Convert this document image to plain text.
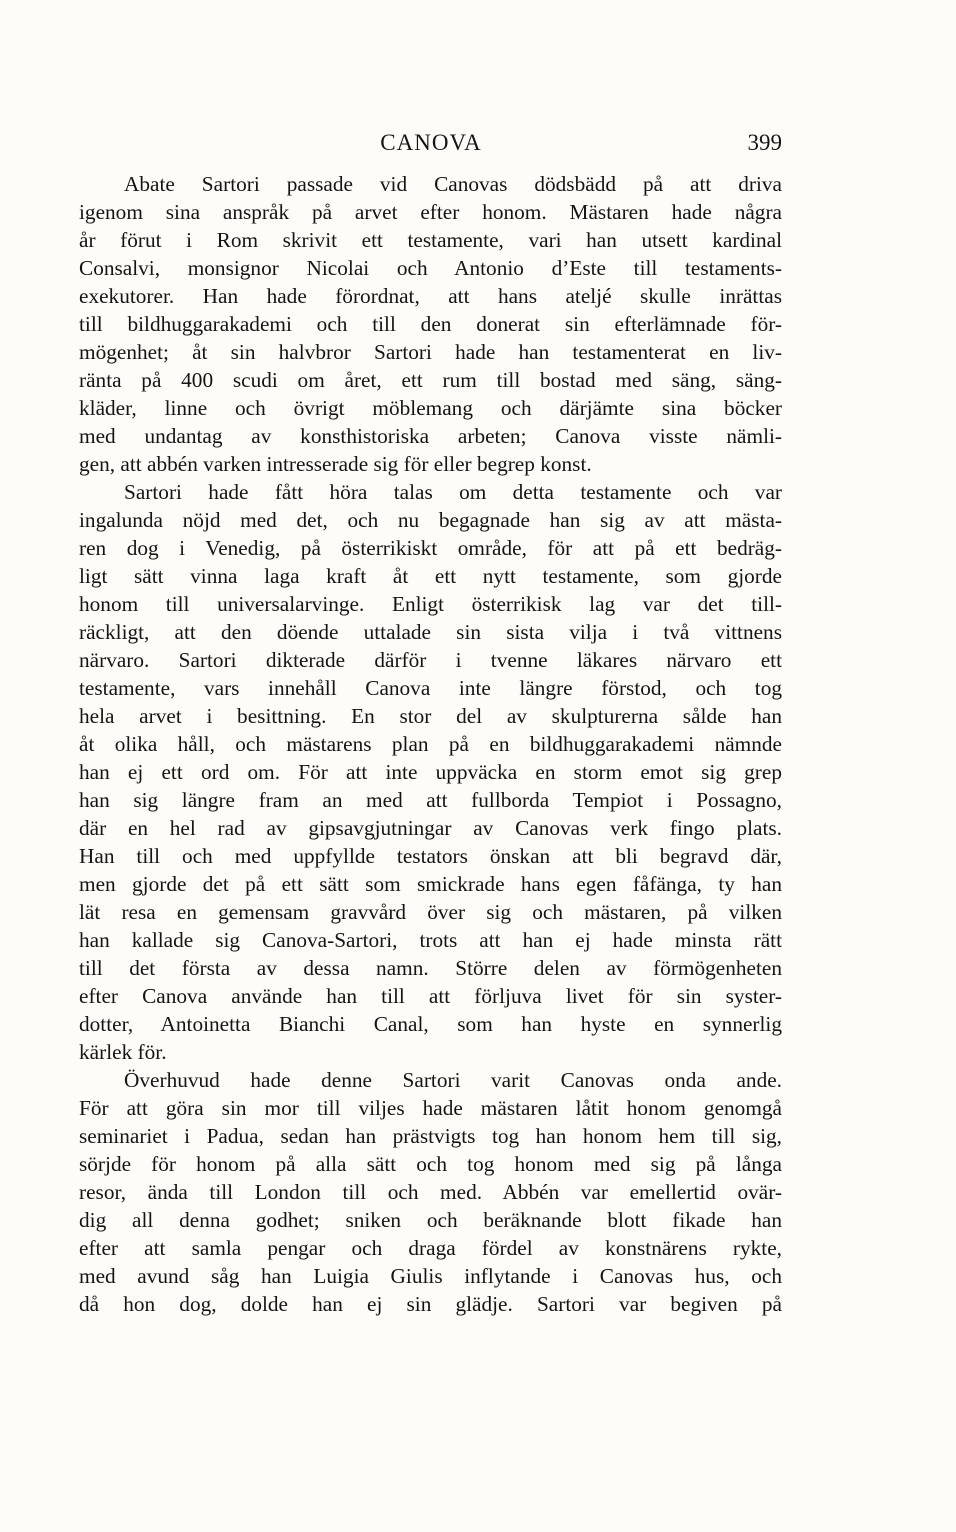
CANOVA	399

Abate Sartori passade vid Canovas dödsbädd på att driva
igenom sina anspråk på arvet efter honom. Mästaren hade några
år förut i Rom skrivit ett testamente, vari han utsett kardinal
Consalvi, monsignor Nicolai och Antonio d’Este till testaments-
exekutorer. Han hade förordnat, att hans ateljé skulle inrättas
till bildhuggarakademi och till den donerat sin efterlämnade för-
mögenhet; åt sin halvbror Sartori hade han testamenterat en liv-
ränta på 400 scudi om året, ett rum till bostad med säng, säng-
kläder, linne och övrigt möblemang och därjämte sina böcker
med undantag av konsthistoriska arbeten; Canova visste nämli-
gen, att abbén varken intresserade sig för eller begrep konst.

Sartori hade fått höra talas om detta testamente och var
ingalunda nöjd med det, och nu begagnade han sig av att mästa-
ren dog i Venedig, på österrikiskt område, för att på ett bedräg-
ligt sätt vinna laga kraft åt ett nytt testamente, som gjorde
honom till universalarvinge. Enligt österrikisk lag var det till-
räckligt, att den döende uttalade sin sista vilja i två vittnens
närvaro. Sartori dikterade därför i tvenne läkares närvaro ett
testamente, vars innehåll Canova inte längre förstod, och tog
hela arvet i besittning. En stor del av skulpturerna sålde han
åt olika håll, och mästarens plan på en bildhuggarakademi nämnde
han ej ett ord om. För att inte uppväcka en storm emot sig grep
han sig längre fram an med att fullborda Tempiot i Possagno,
där en hel rad av gipsavgjutningar av Canovas verk fingo plats.
Han till och med uppfyllde testators önskan att bli begravd där,
men gjorde det på ett sätt som smickrade hans egen fåfänga, ty han
lät resa en gemensam gravvård över sig och mästaren, på vilken
han kallade sig Canova-Sartori, trots att han ej hade minsta rätt
till det första av dessa namn. Större delen av förmögenheten
efter Canova använde han till att förljuva livet för sin syster-
dotter, Antoinetta Bianchi Canal, som han hyste en synnerlig
kärlek för.

Överhuvud hade denne Sartori varit Canovas onda ande.
För att göra sin mor till viljes hade mästaren låtit honom genomgå
seminariet i Padua, sedan han prästvigts tog han honom hem till sig,
sörjde för honom på alla sätt och tog honom med sig på långa
resor, ända till London till och med. Abbén var emellertid ovär-
dig all denna godhet; sniken och beräknande blott fikade han
efter att samla pengar och draga fördel av konstnärens rykte,
med avund såg han Luigia Giulis inflytande i Canovas hus, och
då hon dog, dolde han ej sin glädje. Sartori var begiven på
